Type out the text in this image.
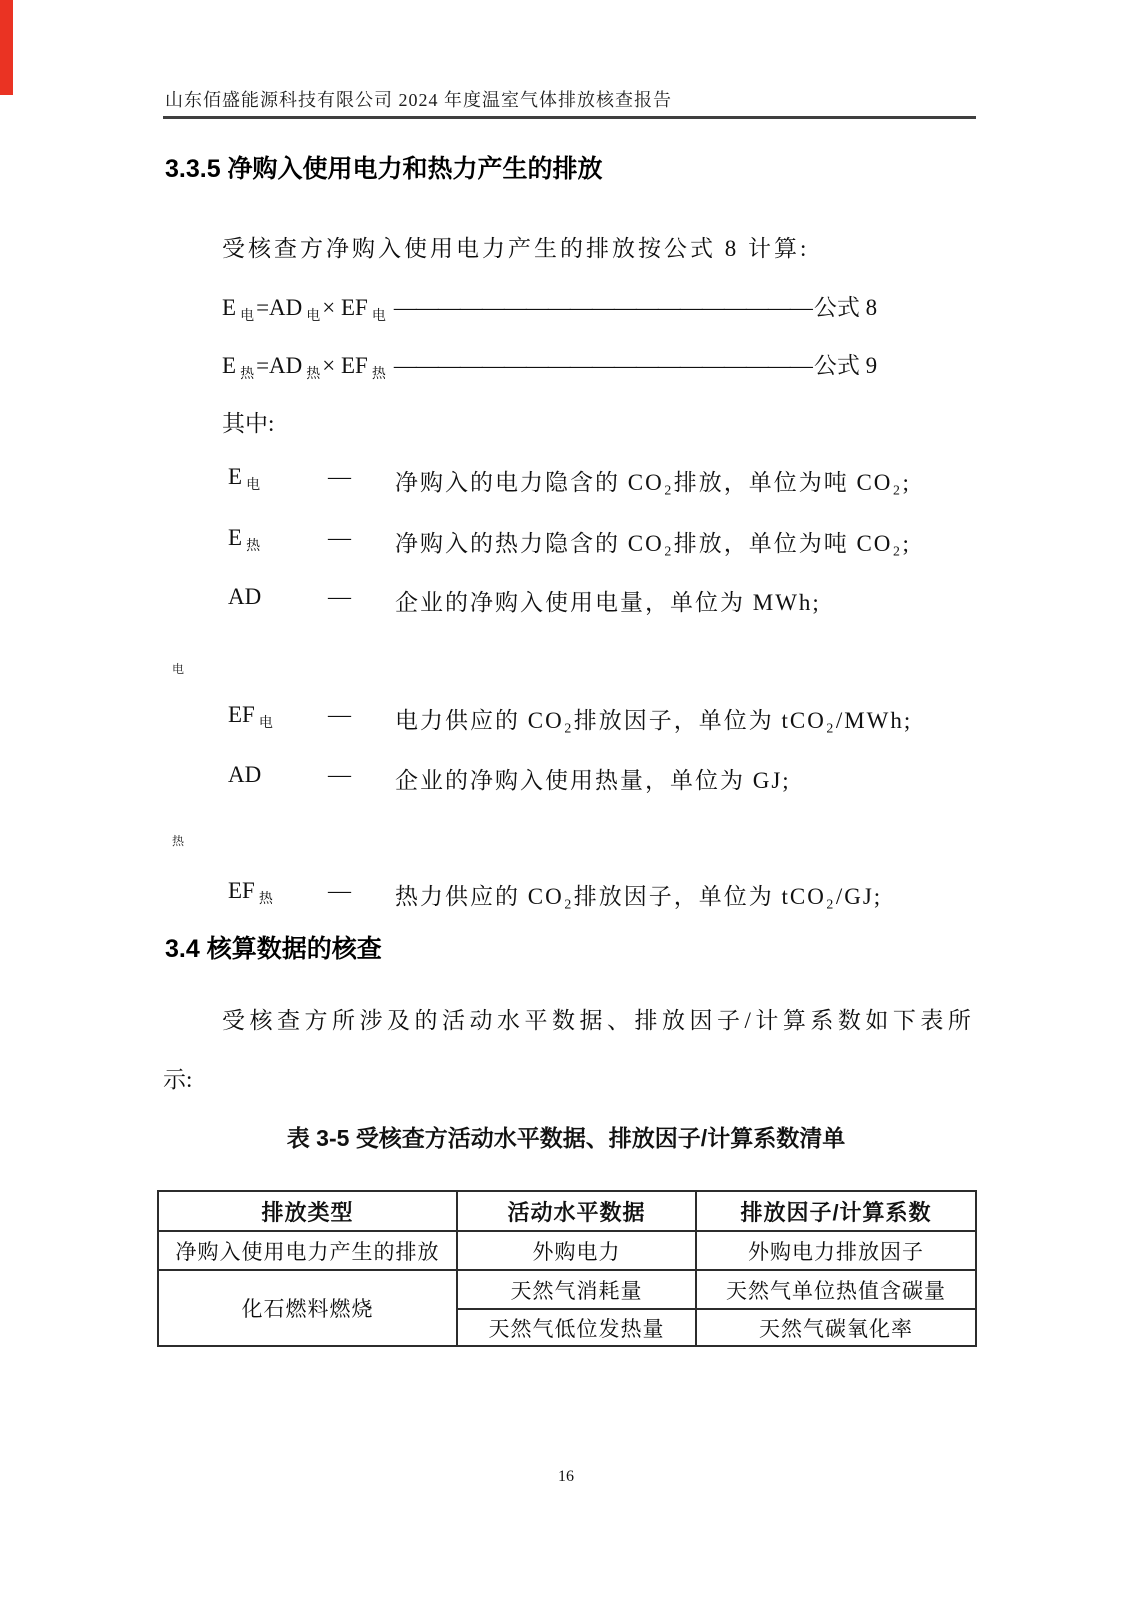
山东佰盛能源科技有限公司 2024 年度温室气体排放核查报告
3.3.5 净购入使用电力和热力产生的排放
受核查方净购入使用电力产生的排放按公式 8 计算:
E $_电$=AD $_电$× EF $_电$ ———————————————————公式 8
E $_热$=AD $_热$× EF $_热$ ———————————————————公式 9
其中:
E $_电$	— 净购入的电力隐含的 CO₂排放，单位为吨 CO₂;
E $_热$	— 净购入的热力隐含的 CO₂排放，单位为吨 CO₂;
AD	— 企业的净购入使用电量，单位为 MWh;
电
EF $_电$ — 电力供应的 CO₂排放因子，单位为 tCO₂/MWh;
AD	— 企业的净购入使用热量，单位为 GJ;
热
EF $_热$ — 热力供应的 CO₂排放因子，单位为 tCO₂/GJ;
3.4 核算数据的核查
受核查方所涉及的活动水平数据、排放因子/计算系数如下表所
示:
表 3-5 受核查方活动水平数据、排放因子/计算系数清单
排放类型	活动水平数据	排放因子/计算系数
净购入使用电力产生的排放	外购电力	外购电力排放因子
化石燃料燃烧	天然气消耗量	天然气单位热值含碳量
	天然气低位发热量	天然气碳氧化率
16
